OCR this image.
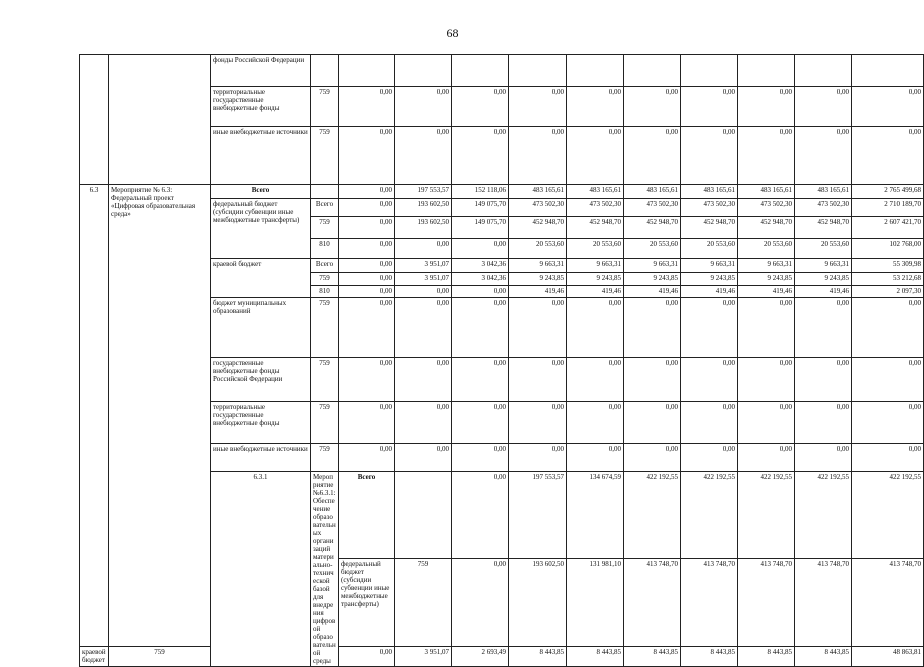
68
		фонды Российской Федерации												
		территориальные государственные внебюджетные фонды	759	0,00	0,00	0,00	0,00	0,00	0,00	0,00	0,00	0,00	0,00	
		иные внебюджетные источники	759	0,00	0,00	0,00	0,00	0,00	0,00	0,00	0,00	0,00	0,00	
6.3	Мероприятие № 6.3: Федеральный проект «Цифровая образовательная среда»	Всего		0,00	197 553,57	152 118,06	483 165,61	483 165,61	483 165,61	483 165,61	483 165,61	483 165,61	2 765 499,68	
		федеральный бюджет (субсидии субвенции иные межбюджетные трансферты)	Всего	0,00	193 602,50	149 075,70	473 502,30	473 502,30	473 502,30	473 502,30	473 502,30	473 502,30	2 710 189,70	
			759	0,00	193 602,50	149 075,70	452 948,70	452 948,70	452 948,70	452 948,70	452 948,70	452 948,70	2 607 421,70	
			810	0,00	0,00	0,00	20 553,60	20 553,60	20 553,60	20 553,60	20 553,60	20 553,60	102 768,00	
		краевой бюджет	Всего	0,00	3 951,07	3 042,36	9 663,31	9 663,31	9 663,31	9 663,31	9 663,31	9 663,31	55 309,98	
			759	0,00	3 951,07	3 042,36	9 243,85	9 243,85	9 243,85	9 243,85	9 243,85	9 243,85	53 212,68	
			810	0,00	0,00	0,00	419,46	419,46	419,46	419,46	419,46	419,46	2 097,30	
		бюджет муниципальных образований	759	0,00	0,00	0,00	0,00	0,00	0,00	0,00	0,00	0,00	0,00	
		государственные внебюджетные фонды Российской Федерации	759	0,00	0,00	0,00	0,00	0,00	0,00	0,00	0,00	0,00	0,00	
		территориальные государственные внебюджетные фонды	759	0,00	0,00	0,00	0,00	0,00	0,00	0,00	0,00	0,00	0,00	
		иные внебюджетные источники	759	0,00	0,00	0,00	0,00	0,00	0,00	0,00	0,00	0,00	0,00	
		6.3.1	Мероприятие №6.3.1: Обеспечение образовательных организаций материально-технической базой для внедрения цифровой образовательной среды	Всего		0,00	197 553,57	134 674,59	422 192,55	422 192,55	422 192,55	422 192,55	422 192,55		
				федеральный бюджет (субсидии субвенции иные межбюджетные трансферты)	759	0,00	193 602,50	131 981,10	413 748,70	413 748,70	413 748,70	413 748,70	413 748,70		
краевой бюджет	759			0,00	3 951,07	2 693,49	8 443,85	8 443,85	8 443,85	8 443,85	8 443,85	8 443,85	48 863,81	
